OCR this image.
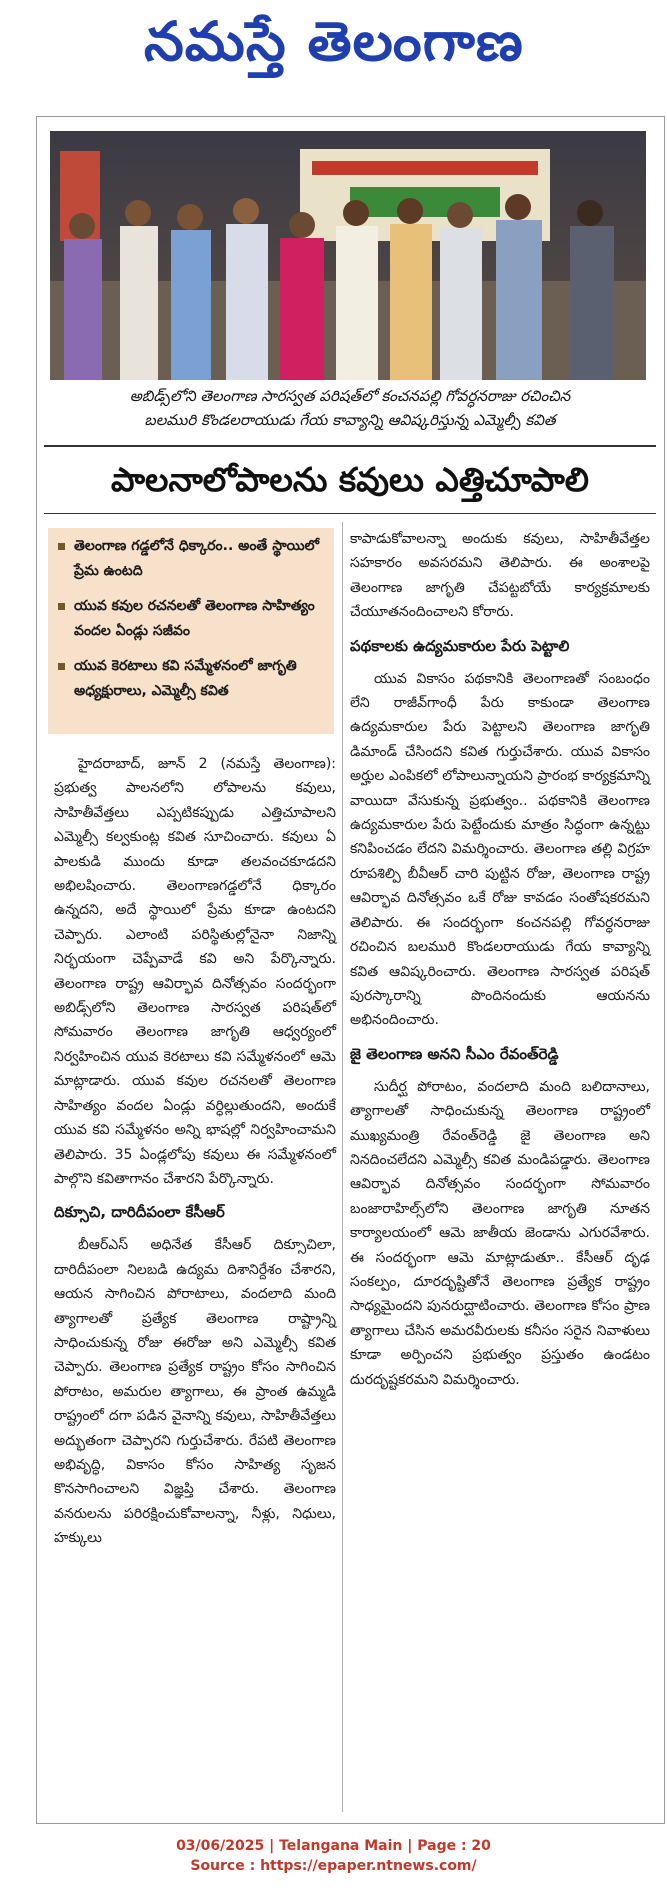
నమస్తే తెలంగాణ
అబిడ్స్‌లోని తెలంగాణ సారస్వత పరిషత్‌లో కంచనపల్లి గోవర్ధనరాజు రచించిన
బలమురి కొండలరాయుడు గేయ కావ్యాన్ని ఆవిష్కరిస్తున్న ఎమ్మెల్సీ కవిత
పాలనాలోపాలను కవులు ఎత్తిచూపాలి
తెలంగాణ గడ్డలోనే ధిక్కారం.. అంతే స్థాయిలో ప్రేమ ఉంటది
యువ కవుల రచనలతో తెలంగాణ సాహిత్యం వందల ఏండ్లు సజీవం
యువ కెరటాలు కవి సమ్మేళనంలో జాగృతి అధ్యక్షురాలు, ఎమ్మెల్సీ కవిత

హైదరాబాద్, జూన్ 2 (నమస్తే తెలంగాణ): ప్రభుత్వ పాలనలోని లోపాలను కవులు, సాహితీవేత్తలు ఎప్పటికప్పుడు ఎత్తిచూపాలని ఎమ్మెల్సీ కల్వకుంట్ల కవిత సూచించారు. కవులు ఏ పాలకుడి ముందు కూడా తలవంచకూడదని అభిలషించారు. తెలంగాణగడ్డలోనే ధిక్కారం ఉన్నదని, అదే స్థాయిలో ప్రేమ కూడా ఉంటదని చెప్పారు. ఎలాంటి పరిస్థితుల్లోనైనా నిజాన్ని నిర్భయంగా చెప్పేవాడే కవి అని పేర్కొన్నారు. తెలంగాణ రాష్ట్ర ఆవిర్భావ దినోత్సవం సందర్భంగా అబిడ్స్‌లోని తెలంగాణ సారస్వత పరిషత్‌లో సోమవారం తెలంగాణ జాగృతి ఆధ్వర్యంలో నిర్వహించిన యువ కెరటాలు కవి సమ్మేళనంలో ఆమె మాట్లాడారు. యువ కవుల రచనలతో తెలంగాణ సాహిత్యం వందల ఏండ్లు వర్ధిల్లుతుందని, అందుకే యువ కవి సమ్మేళనం అన్ని భాషల్లో నిర్వహించామని తెలిపారు. 35 ఏండ్లలోపు కవులు ఈ సమ్మేళనంలో పాల్గొని కవితాగానం చేశారని పేర్కొన్నారు.

దిక్సూచి, దారిదీపంలా కేసీఆర్

బీఆర్‌ఎస్ అధినేత కేసీఆర్ దిక్సూచిలా, దారిదీపంలా నిలబడి ఉద్యమ దిశానిర్దేశం చేశారని, ఆయన సాగించిన పోరాటాలు, వందలాది మంది త్యాగాలతో ప్రత్యేక తెలంగాణ రాష్ట్రాన్ని సాధించుకున్న రోజు ఈరోజు అని ఎమ్మెల్సీ కవిత చెప్పారు. తెలంగాణ ప్రత్యేక రాష్ట్రం కోసం సాగించిన పోరాటం, అమరుల త్యాగాలు, ఈ ప్రాంత ఉమ్మడి రాష్ట్రంలో దగా పడిన వైనాన్ని కవులు, సాహితీవేత్తలు అద్భుతంగా చెప్పారని గుర్తుచేశారు. రేపటి తెలంగాణ అభివృద్ధి, వికాసం కోసం సాహిత్య సృజన కొనసాగించాలని విజ్ఞప్తి చేశారు. తెలంగాణ వనరులను పరిరక్షించుకోవాలన్నా, నీళ్లు, నిధులు, హక్కులు

కాపాడుకోవాలన్నా అందుకు కవులు, సాహితీవేత్తల సహకారం అవసరమని తెలిపారు. ఈ అంశాలపై తెలంగాణ జాగృతి చేపట్టబోయే కార్యక్రమాలకు చేయూతనందించాలని కోరారు.

పథకాలకు ఉద్యమకారుల పేరు పెట్టాలి

యువ వికాసం పథకానికి తెలంగాణతో సంబంధం లేని రాజీవ్‌గాంధీ పేరు కాకుండా తెలంగాణ ఉద్యమకారుల పేరు పెట్టాలని తెలంగాణ జాగృతి డిమాండ్ చేసిందని కవిత గుర్తుచేశారు. యువ వికాసం అర్హుల ఎంపికలో లోపాలున్నాయని ప్రారంభ కార్యక్రమాన్ని వాయిదా వేసుకున్న ప్రభుత్వం.. పథకానికి తెలంగాణ ఉద్యమకారుల పేరు పెట్టేందుకు మాత్రం సిద్ధంగా ఉన్నట్టు కనిపించడం లేదని విమర్శించారు. తెలంగాణ తల్లి విగ్రహ రూపశిల్పి బీవీఆర్ చారి పుట్టిన రోజు, తెలంగాణ రాష్ట్ర ఆవిర్భావ దినోత్సవం ఒకే రోజు కావడం సంతోషకరమని తెలిపారు. ఈ సందర్భంగా కంచనపల్లి గోవర్ధనరాజు రచించిన బలమురి కొండలరాయుడు గేయ కావ్యాన్ని కవిత ఆవిష్కరించారు. తెలంగాణ సారస్వత పరిషత్ పురస్కారాన్ని పొందినందుకు ఆయనను అభినందించారు.

జై తెలంగాణ అనని సీఎం రేవంత్‌రెడ్డి

సుదీర్ఘ పోరాటం, వందలాది మంది బలిదానాలు, త్యాగాలతో సాధించుకున్న తెలంగాణ రాష్ట్రంలో ముఖ్యమంత్రి రేవంత్‌రెడ్డి జై తెలంగాణ అని నినదించలేదని ఎమ్మెల్సీ కవిత మండిపడ్డారు. తెలంగాణ ఆవిర్భావ దినోత్సవం సందర్భంగా సోమవారం బంజారాహిల్స్‌లోని తెలంగాణ జాగృతి నూతన కార్యాలయంలో ఆమె జాతీయ జెండాను ఎగురవేశారు. ఈ సందర్భంగా ఆమె మాట్లాడుతూ.. కేసీఆర్ దృఢ సంకల్పం, దూరదృష్టితోనే తెలంగాణ ప్రత్యేక రాష్ట్రం సాధ్యమైందని పునరుద్ఘాటించారు. తెలంగాణ కోసం ప్రాణ త్యాగాలు చేసిన అమరవీరులకు కనీసం సరైన నివాళులు కూడా అర్పించని ప్రభుత్వం ప్రస్తుతం ఉండటం దురదృష్టకరమని విమర్శించారు.

03/06/2025 | Telangana Main | Page : 20
Source : https://epaper.ntnews.com/
